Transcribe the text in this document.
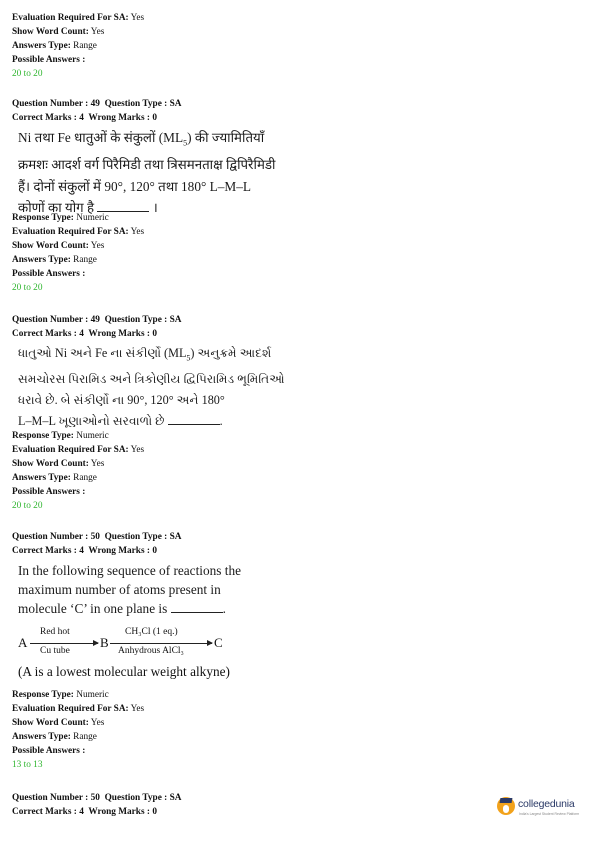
Evaluation Required For SA: Yes
Show Word Count: Yes
Answers Type: Range
Possible Answers :
20 to 20
Question Number : 49 Question Type : SA
Correct Marks : 4 Wrong Marks : 0
Ni तथा Fe धातुओं के संकुलों $(ML_5)$ की ज्यामितियाँ
क्रमशः आदर्श वर्ग पिरैमिडी तथा त्रिसमनताक्ष द्विपिरैमिडी
हैं। दोनों संकुलों में 90°, 120° तथा 180° L–M–L
कोणों का योग है	।
Response Type: Numeric
Evaluation Required For SA: Yes
Show Word Count: Yes
Answers Type: Range
Possible Answers :
20 to 20
Question Number : 49 Question Type : SA
Correct Marks : 4 Wrong Marks : 0
ધાતુઓ Ni અને Fe ના સંકીર્ણો $(ML_5)$ અનુક્રમે આદર્શ
સમચોરસ પિરામિડ અને ત્રિકોણીય દ્વિપિરામિડ ભૂમિતિઓ
ધરાવે છે. બે સંકીર્ણો ના 90°, 120° અને 180°
L–M–L ખૂણાઓનો સરવાળો છે	.
Response Type: Numeric
Evaluation Required For SA: Yes
Show Word Count: Yes
Answers Type: Range
Possible Answers :
20 to 20
Question Number : 50 Question Type : SA
Correct Marks : 4 Wrong Marks : 0
In the following sequence of reactions the
maximum number of atoms present in
molecule ‘C’ in one plane is	.
A
Red hot
Cu tube
B
CH₃Cl (1 eq.)
Anhydrous AlCl₃
C
(A is a lowest molecular weight alkyne)
Response Type: Numeric
Evaluation Required For SA: Yes
Show Word Count: Yes
Answers Type: Range
Possible Answers :
13 to 13
Question Number : 50 Question Type : SA
Correct Marks : 4 Wrong Marks : 0
collegedunia
India's Largest Student Review Platform
